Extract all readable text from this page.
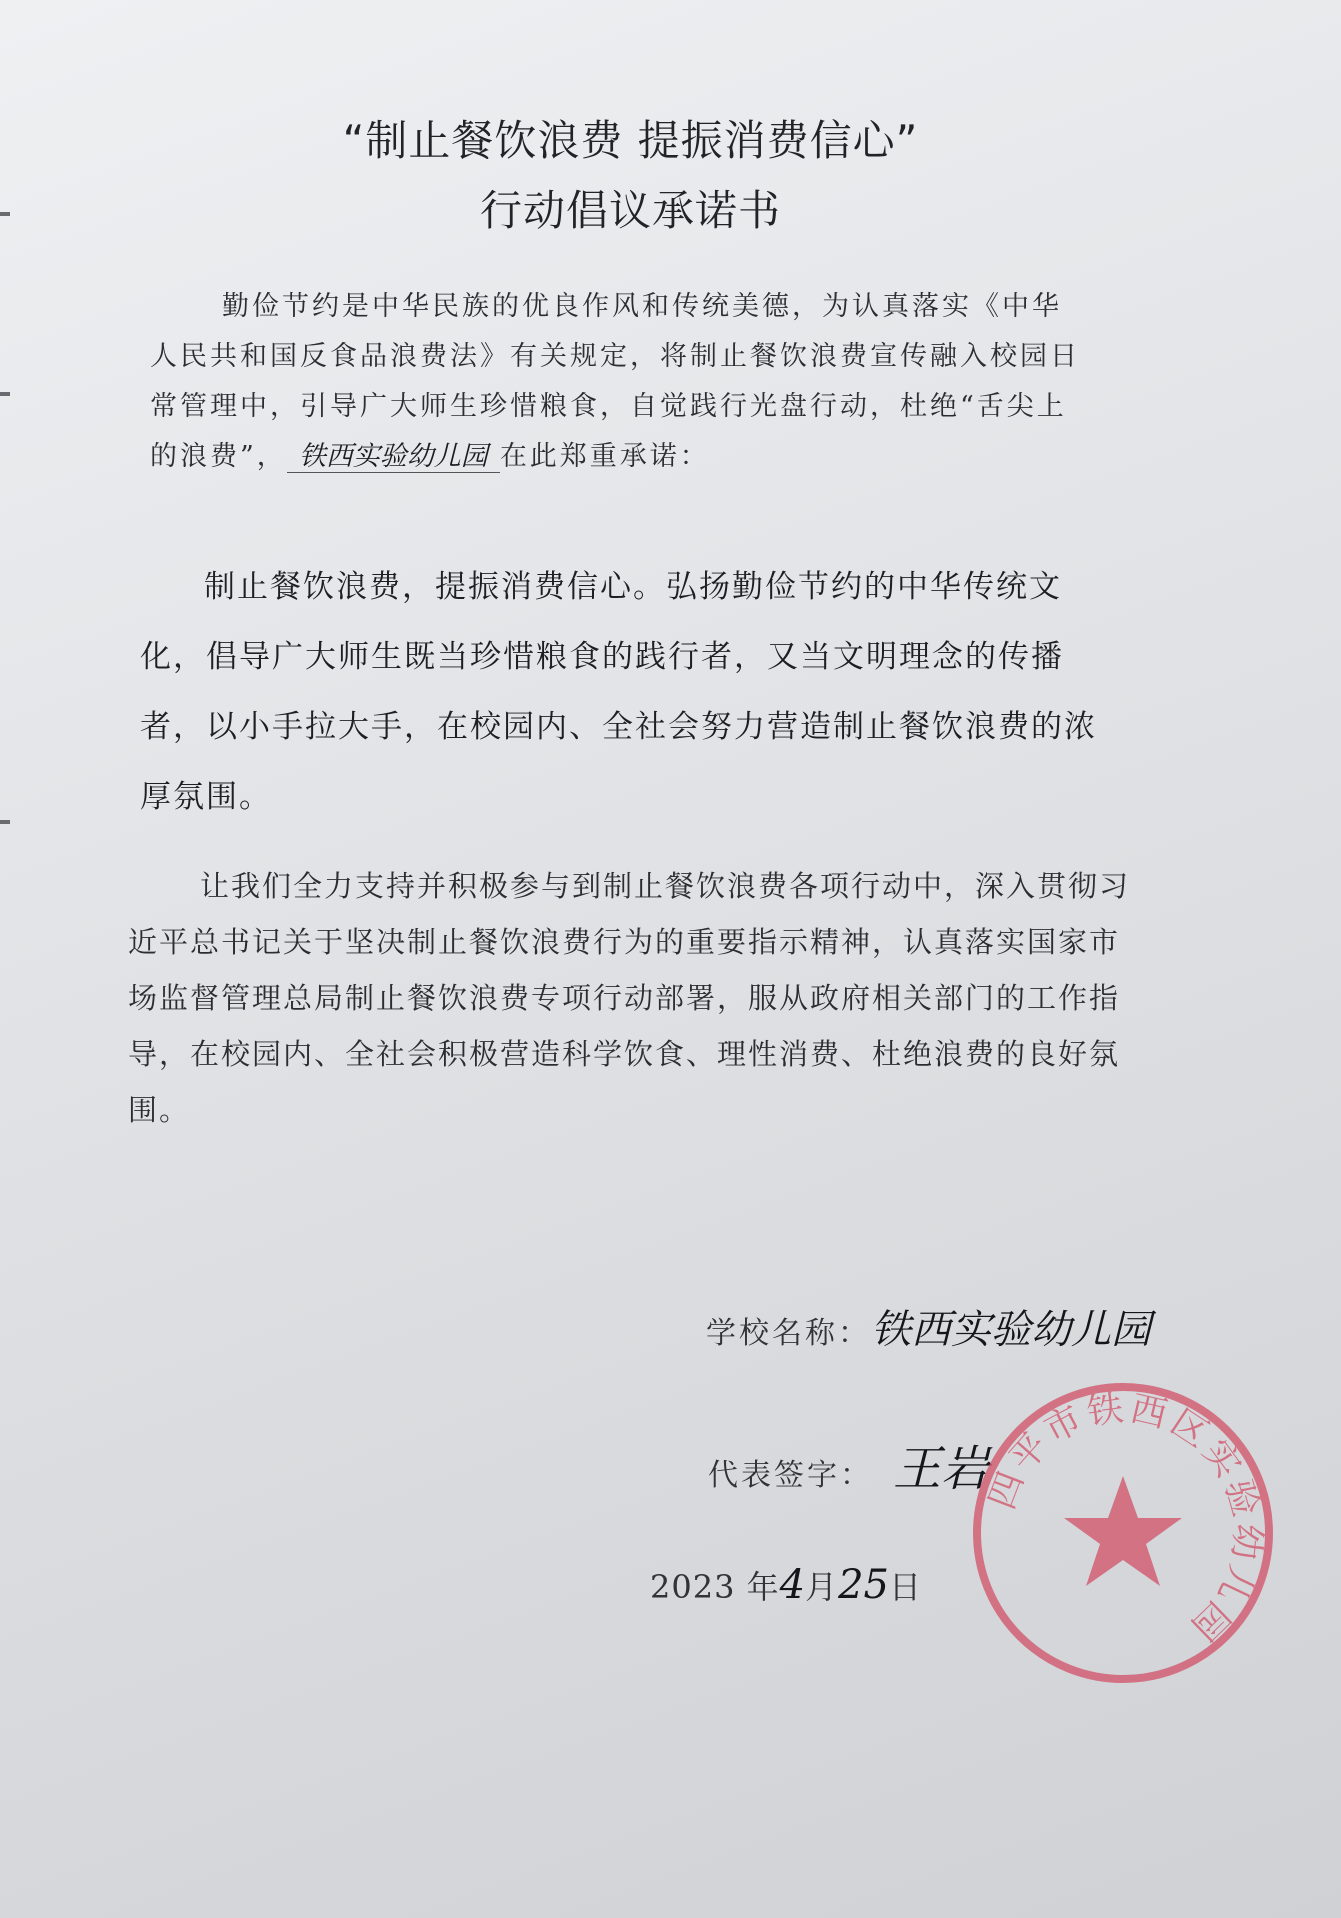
“制止餐饮浪费 提振消费信心”
行动倡议承诺书

勤俭节约是中华民族的优良作风和传统美德，为认真落实《中华人民共和国反食品浪费法》有关规定，将制止餐饮浪费宣传融入校园日常管理中，引导广大师生珍惜粮食，自觉践行光盘行动，杜绝“舌尖上的浪费”， 铁西实验幼儿园 在此郑重承诺：

制止餐饮浪费，提振消费信心。弘扬勤俭节约的中华传统文化，倡导广大师生既当珍惜粮食的践行者，又当文明理念的传播者，以小手拉大手，在校园内、全社会努力营造制止餐饮浪费的浓厚氛围。

让我们全力支持并积极参与到制止餐饮浪费各项行动中，深入贯彻习近平总书记关于坚决制止餐饮浪费行为的重要指示精神，认真落实国家市场监督管理总局制止餐饮浪费专项行动部署，服从政府相关部门的工作指导，在校园内、全社会积极营造科学饮食、理性消费、杜绝浪费的良好氛围。

学校名称：铁西实验幼儿园
代表签字： 王岩
2023 年4月25日
四平市铁西区实验幼儿园
